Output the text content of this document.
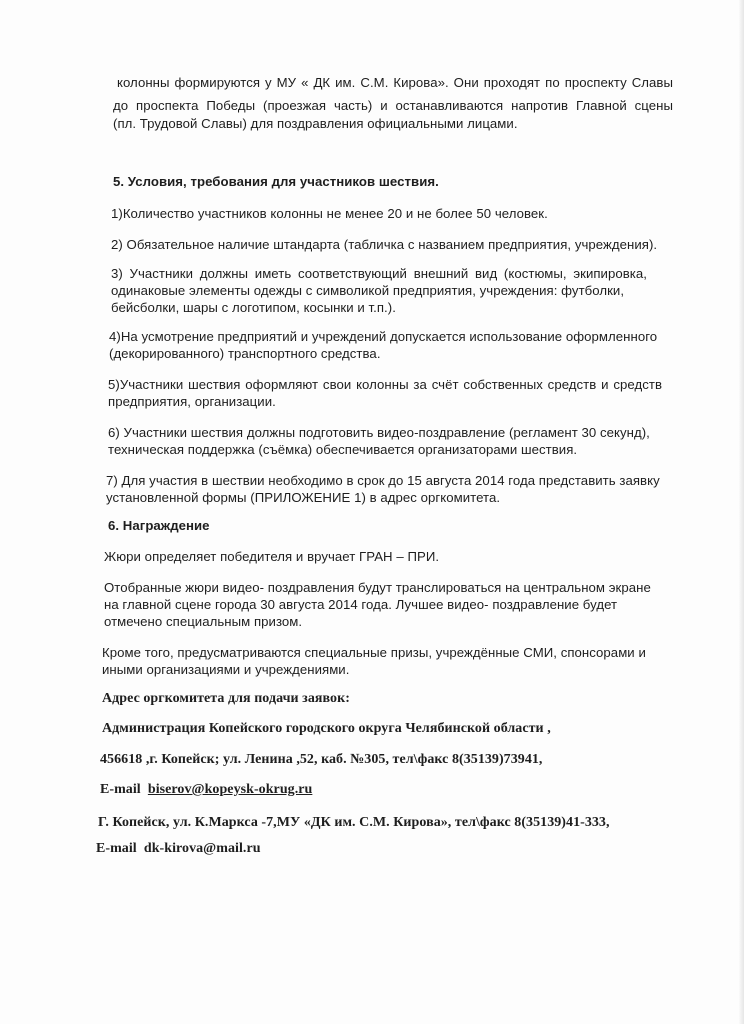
колонны формируются у МУ « ДК им. С.М. Кирова». Они проходят по проспекту Славы
до проспекта Победы (проезжая часть) и останавливаются напротив Главной сцены
(пл. Трудовой Славы) для поздравления официальными лицами.
5. Условия, требования для участников шествия.
1)Количество участников колонны не менее 20 и не более 50 человек.
2) Обязательное наличие штандарта (табличка с названием предприятия, учреждения).
3) Участники должны иметь соответствующий внешний вид (костюмы, экипировка,
одинаковые элементы одежды с символикой предприятия, учреждения: футболки,
бейсболки, шары с логотипом, косынки и т.п.).
4)На усмотрение предприятий и учреждений допускается использование оформленного
(декорированного) транспортного средства.
5)Участники шествия оформляют свои колонны за счёт собственных средств и средств
предприятия, организации.
6) Участники шествия должны подготовить видео-поздравление (регламент 30 секунд),
техническая поддержка (съёмка) обеспечивается организаторами шествия.
7) Для участия в шествии необходимо в срок до 15 августа 2014 года представить заявку
установленной формы (ПРИЛОЖЕНИЕ 1) в адрес оргкомитета.
6. Награждение
Жюри определяет победителя и вручает ГРАН – ПРИ.
Отобранные жюри видео- поздравления будут транслироваться на центральном экране
на главной сцене города 30 августа 2014 года. Лучшее видео- поздравление будет
отмечено специальным призом.
Кроме того, предусматриваются специальные призы, учреждённые СМИ, спонсорами и
иными организациями и учреждениями.
Адрес оргкомитета для подачи заявок:
Администрация Копейского городского округа Челябинской области ,
456618 ,г. Копейск; ул. Ленина ,52, каб. №305, тел\факс 8(35139)73941,
E-mail biserov@kopeysk-okrug.ru
Г. Копейск, ул. К.Маркса -7,МУ «ДК им. С.М. Кирова», тел\факс 8(35139)41-333,
E-mail dk-kirova@mail.ru
